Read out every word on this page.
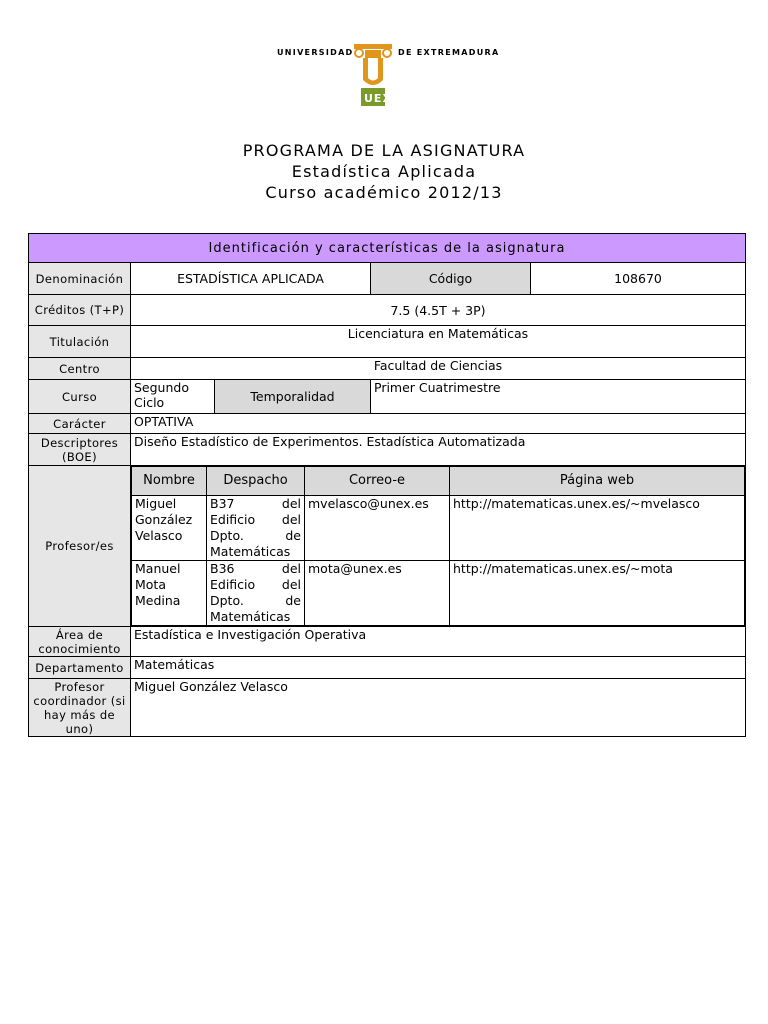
UNIVERSIDAD
UEX
DE EXTREMADURA
PROGRAMA DE LA ASIGNATURA
Estadística Aplicada
Curso académico 2012/13
Identificación y características de la asignatura
Denominación	ESTADÍSTICA APLICADA	Código	108670
Créditos (T+P)	7.5 (4.5T + 3P)
Titulación	Licenciatura en Matemáticas
Centro	Facultad de Ciencias
Curso	Segundo Ciclo	Temporalidad	Primer Cuatrimestre
Carácter	OPTATIVA
Descriptores (BOE)	Diseño Estadístico de Experimentos. Estadística Automatizada
Profesor/es	
Nombre	Despacho	Correo-e	Página web
Miguel González Velasco	B37 del Edificio del Dpto. de Matemáticas	mvelasco@unex.es	http://matematicas.unex.es/~mvelasco
Manuel Mota Medina	B36 del Edificio del Dpto. de Matemáticas	mota@unex.es	http://matematicas.unex.es/~mota

Área de conocimiento	Estadística e Investigación Operativa
Departamento	Matemáticas
Profesor coordinador (si hay más de uno)	Miguel González Velasco
